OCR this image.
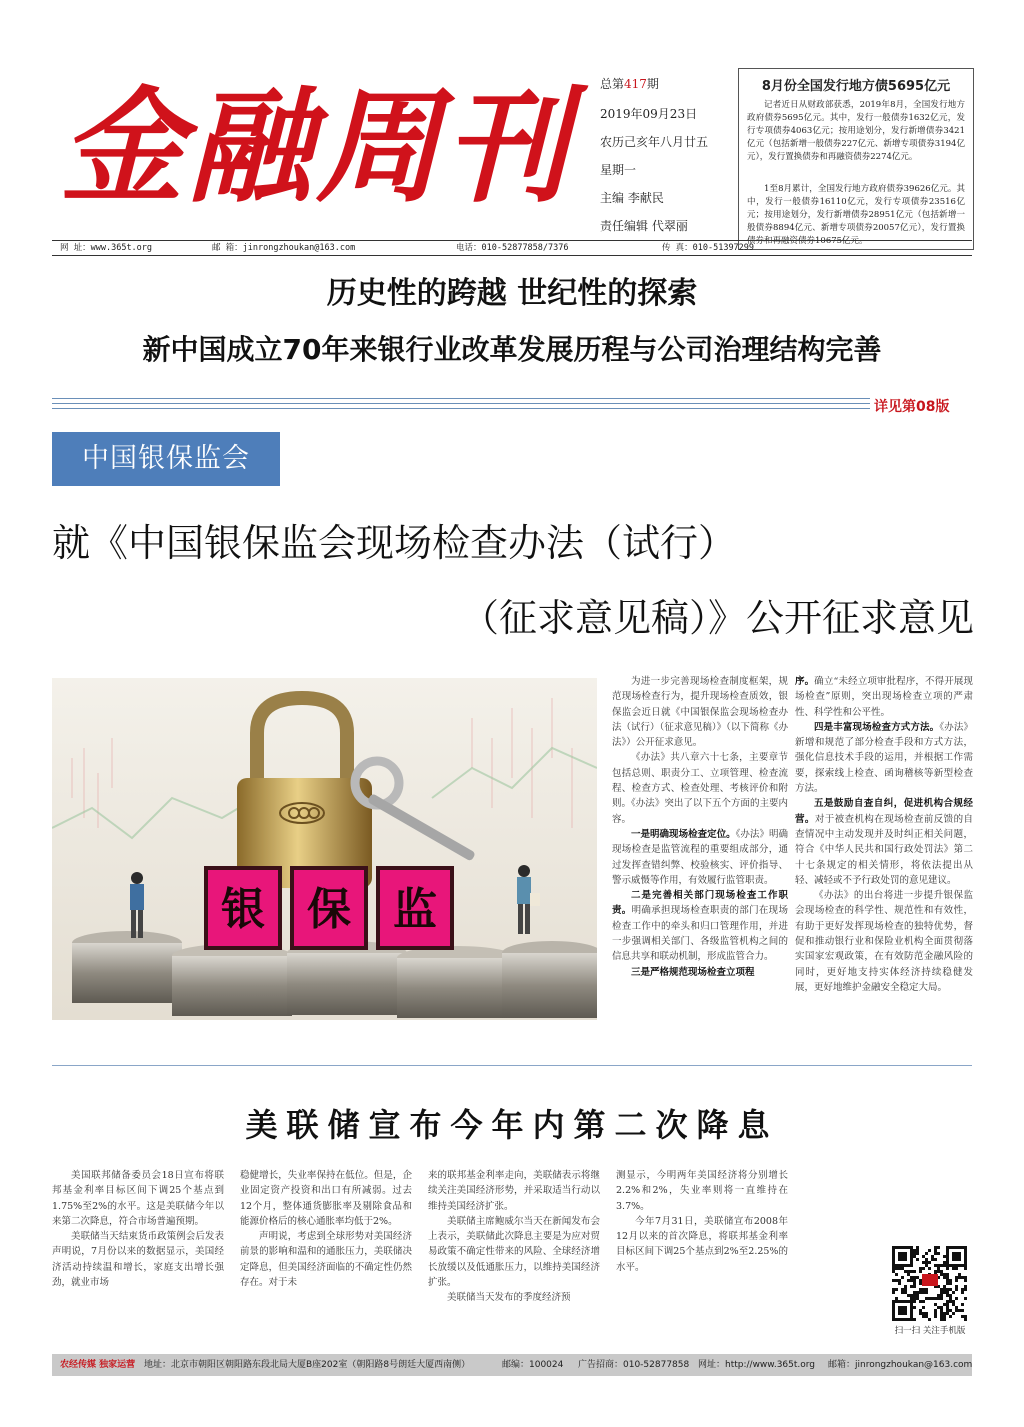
金融周刊	总第417期
2019年09月23日
农历己亥年八月廿五
星期一
主编 李献民
责任编辑 代翠丽
8月份全国发行地方债5695亿元
记者近日从财政部获悉，2019年8月，全国发行地方政府债券5695亿元。其中，发行一般债券1632亿元，发行专项债券4063亿元；按用途划分，发行新增债券3421亿元（包括新增一般债券227亿元、新增专项债券3194亿元），发行置换债券和再融资债券2274亿元。
1至8月累计，全国发行地方政府债券39626亿元。其中，发行一般债券16110亿元，发行专项债券23516亿元；按用途划分，发行新增债券28951亿元（包括新增一般债券8894亿元、新增专项债券20057亿元），发行置换债券和再融资债券10675亿元。
网 址：www.365t.org	邮 箱：jinrongzhoukan@163.com	电话：010-52877858/7376	传 真：010-51397299
历史性的跨越 世纪性的探索
新中国成立70年来银行业改革发展历程与公司治理结构完善
详见第08版
中国银保监会
就《中国银保监会现场检查办法（试行）
（征求意见稿）》公开征求意见
银 保 监

为进一步完善现场检查制度框架，规范现场检查行为，提升现场检查质效，银保监会近日就《中国银保监会现场检查办法（试行）（征求意见稿）》（以下简称《办法》）公开征求意见。

《办法》共八章六十七条，主要章节包括总则、职责分工、立项管理、检查流程、检查方式、检查处理、考核评价和附则。《办法》突出了以下五个方面的主要内容。

一是明确现场检查定位。《办法》明确现场检查是监管流程的重要组成部分，通过发挥查错纠弊、校验核实、评价指导、警示威慑等作用，有效履行监管职责。

二是完善相关部门现场检查工作职责。明确承担现场检查职责的部门在现场检查工作中的牵头和归口管理作用，并进一步强调相关部门、各级监管机构之间的信息共享和联动机制，形成监管合力。

三是严格规范现场检查立项程

序。确立“未经立项审批程序，不得开展现场检查”原则，突出现场检查立项的严肃性、科学性和公平性。

四是丰富现场检查方式方法。《办法》新增和规范了部分检查手段和方式方法，强化信息技术手段的运用，并根据工作需要，探索线上检查、函询稽核等新型检查方法。

五是鼓励自查自纠，促进机构合规经营。对于被查机构在现场检查前反馈的自查情况中主动发现并及时纠正相关问题，符合《中华人民共和国行政处罚法》第二十七条规定的相关情形，将依法提出从轻、减轻或不予行政处罚的意见建议。

《办法》的出台将进一步提升银保监会现场检查的科学性、规范性和有效性，有助于更好发挥现场检查的独特优势，督促和推动银行业和保险业机构全面贯彻落实国家宏观政策，在有效防范金融风险的同时，更好地支持实体经济持续稳健发展，更好地维护金融安全稳定大局。

美联储宣布今年内第二次降息

美国联邦储备委员会18日宣布将联邦基金利率目标区间下调25个基点到1.75%至2%的水平。这是美联储今年以来第二次降息，符合市场普遍预期。

美联储当天结束货币政策例会后发表声明说，7月份以来的数据显示，美国经济活动持续温和增长，家庭支出增长强劲，就业市场

稳健增长，失业率保持在低位。但是，企业固定资产投资和出口有所减弱。过去12个月，整体通货膨胀率及剔除食品和能源价格后的核心通胀率均低于2%。

声明说，考虑到全球形势对美国经济前景的影响和温和的通胀压力，美联储决定降息，但美国经济面临的不确定性仍然存在。对于未

来的联邦基金利率走向，美联储表示将继续关注美国经济形势，并采取适当行动以维持美国经济扩张。

美联储主席鲍威尔当天在新闻发布会上表示，美联储此次降息主要是为应对贸易政策不确定性带来的风险、全球经济增长放缓以及低通胀压力，以维持美国经济扩张。

美联储当天发布的季度经济预

测显示，今明两年美国经济将分别增长2.2%和2%，失业率则将一直维持在3.7%。

今年7月31日，美联储宣布2008年12月以来的首次降息，将联邦基金利率目标区间下调25个基点到2%至2.25%的水平。

扫一扫 关注手机版
农经传媒 独家运营 地址：北京市朝阳区朝阳路东段北局大厦B座202室（朝阳路8号朗廷大厦西南侧）	邮编：100024 广告招商：010-52877858 网址：http://www.365t.org 邮箱：jinrongzhoukan@163.com
